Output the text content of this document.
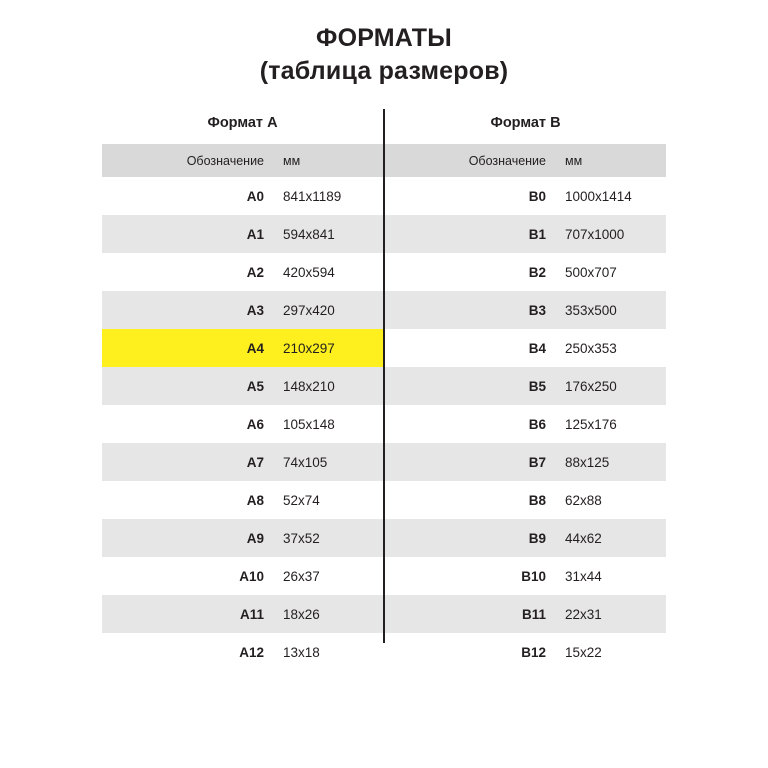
ФОРМАТЫ
(таблица размеров)
Формат А		Формат В	
Обозначение	мм	Обозначение	мм
A0	841x1189	B0	1000x1414
A1	594x841	B1	707x1000
A2	420x594	B2	500x707
A3	297x420	B3	353x500
A4	210x297	B4	250x353
A5	148x210	B5	176x250
A6	105x148	B6	125x176
A7	74x105	B7	88x125
A8	52x74	B8	62x88
A9	37x52	B9	44x62
A10	26x37	B10	31x44
A11	18x26	B11	22x31
A12	13x18	B12	15x22
